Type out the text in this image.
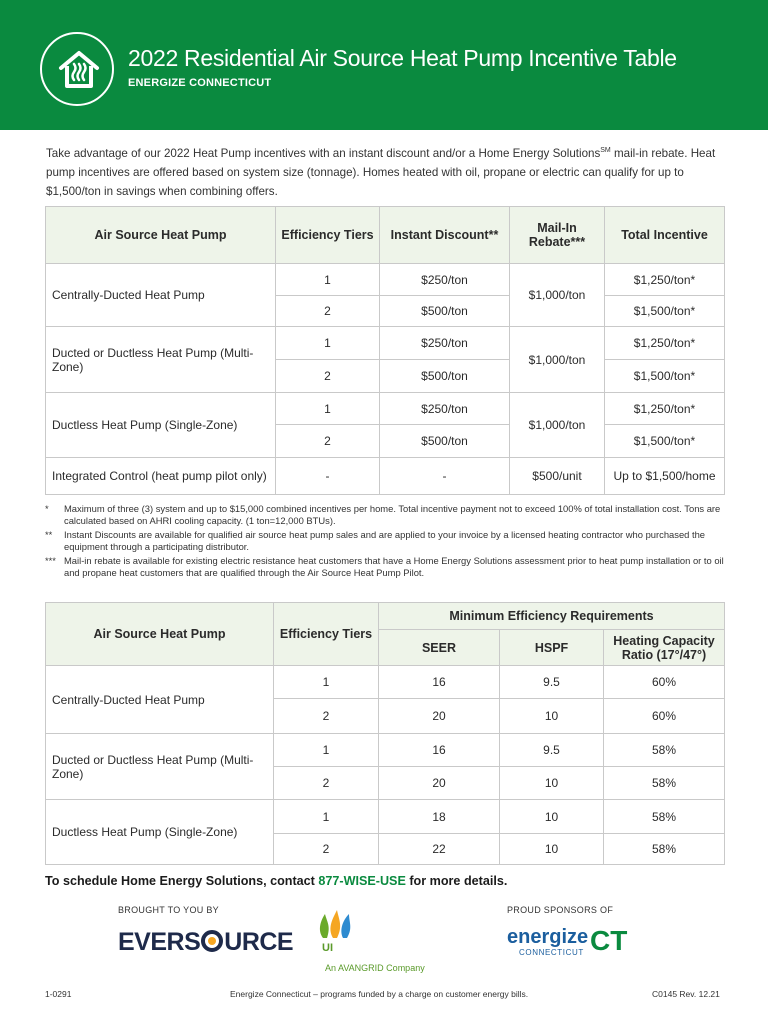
2022 Residential Air Source Heat Pump Incentive Table
ENERGIZE CONNECTICUT
Take advantage of our 2022 Heat Pump incentives with an instant discount and/or a Home Energy Solutions℠ mail-in rebate. Heat pump incentives are offered based on system size (tonnage). Homes heated with oil, propane or electric can qualify for up to $1,500/ton in savings when combining offers.
Air Source Heat Pump	Efficiency Tiers	Instant Discount**	Mail-In Rebate***	Total Incentive
Centrally-Ducted Heat Pump	1	$250/ton	$1,000/ton	$1,250/ton*
	2	$500/ton		$1,500/ton*
Ducted or Ductless Heat Pump (Multi-Zone)	1	$250/ton	$1,000/ton	$1,250/ton*
	2	$500/ton		$1,500/ton*
Ductless Heat Pump (Single-Zone)	1	$250/ton	$1,000/ton	$1,250/ton*
	2	$500/ton		$1,500/ton*
Integrated Control (heat pump pilot only)	-	-	$500/unit	Up to $1,500/home
*	Maximum of three (3) system and up to $15,000 combined incentives per home. Total incentive payment not to exceed 100% of total installation cost. Tons are calculated based on AHRI cooling capacity. (1 ton=12,000 BTUs).
**	Instant Discounts are available for qualified air source heat pump sales and are applied to your invoice by a licensed heating contractor who purchased the equipment through a participating distributor.
*** Mail-in rebate is available for existing electric resistance heat customers that have a Home Energy Solutions assessment prior to heat pump installation or to oil and propane heat customers that are qualified through the Air Source Heat Pump Pilot.
Air Source Heat Pump	Efficiency Tiers	Minimum Efficiency Requirements		
		SEER	HSPF	Heating Capacity Ratio (17°/47°)
Centrally-Ducted Heat Pump	1	16	9.5	60%
	2	20	10	60%
Ducted or Ductless Heat Pump (Multi-Zone)	1	16	9.5	58%
	2	20	10	58%
Ductless Heat Pump (Single-Zone)	1	18	10	58%
	2	22	10	58%
To schedule Home Energy Solutions, contact 877-WISE-USE for more details.
BROUGHT TO YOU BY
EVERS URCE	UI
An AVANGRID Company
PROUD SPONSORS OF
energize
CONNECTICUT CT
1-0291	Energize Connecticut – programs funded by a charge on customer energy bills.	C0145 Rev. 12.21
